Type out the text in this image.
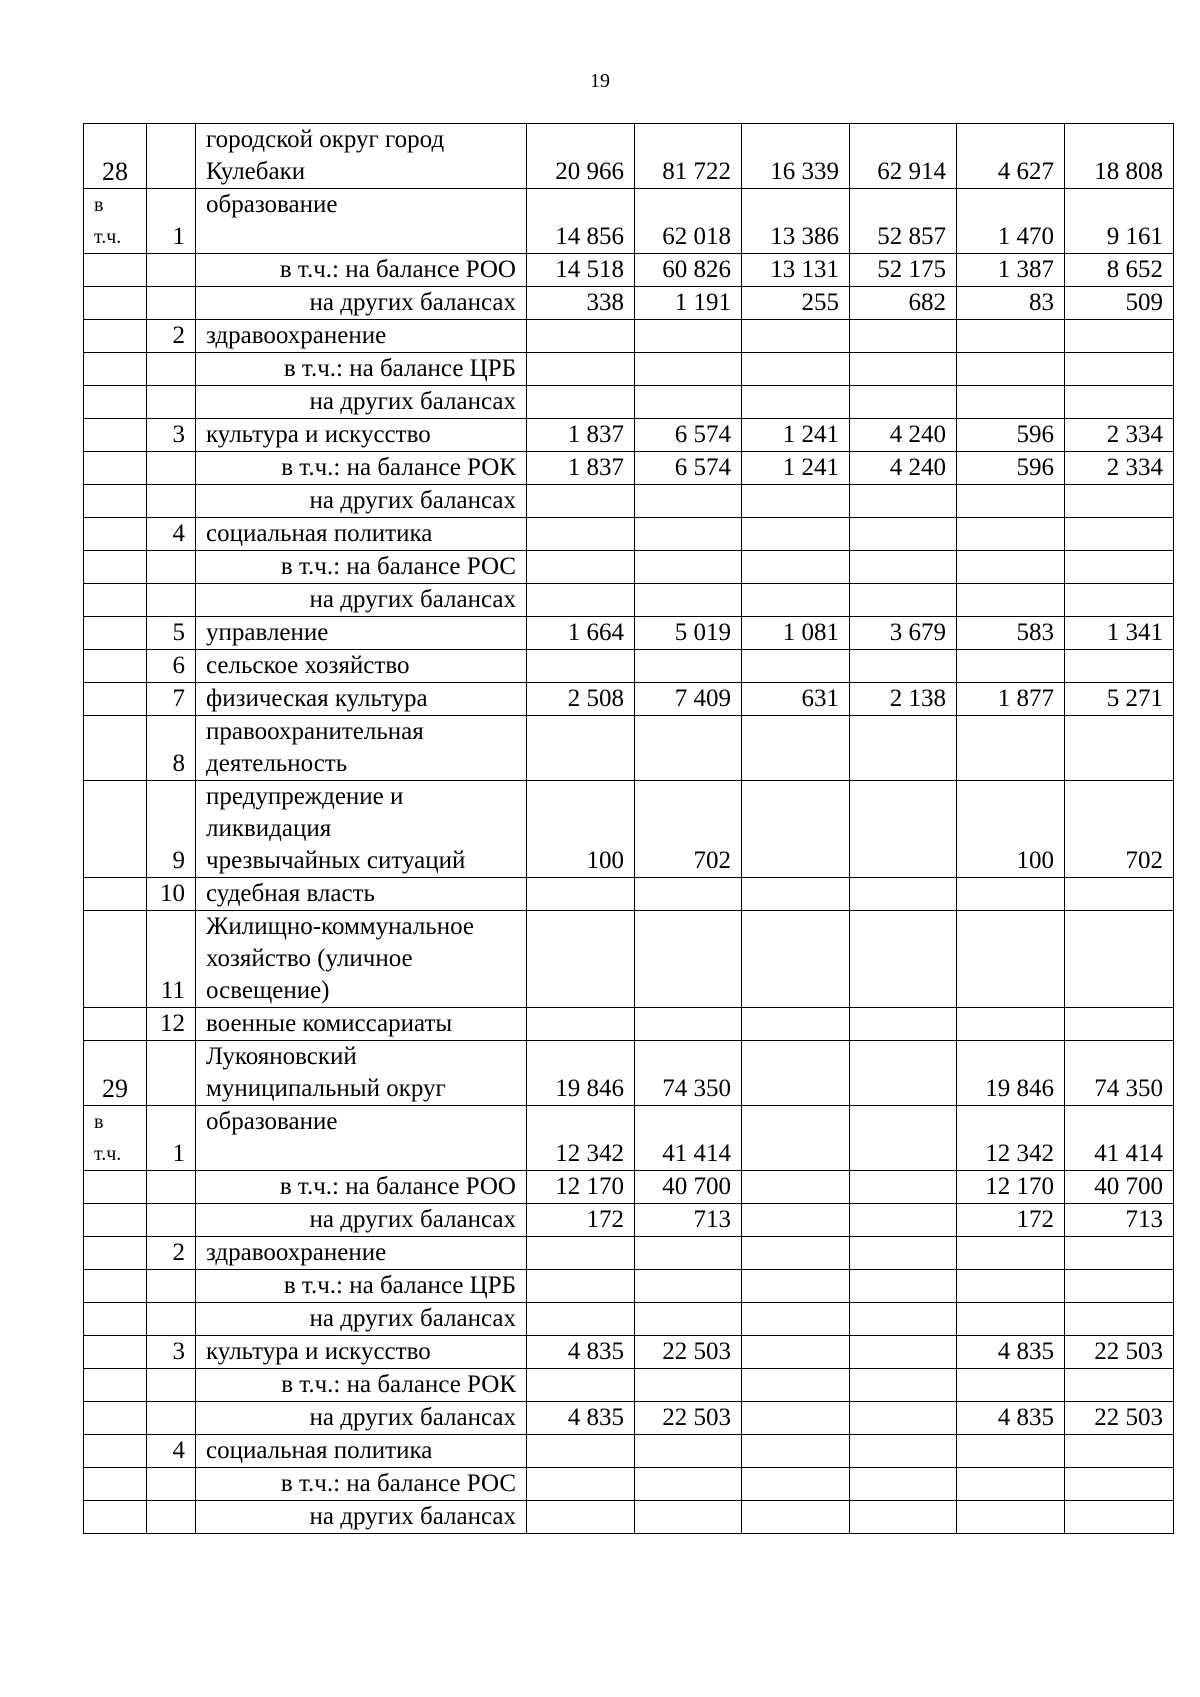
19
28		городской округ город
Кулебаки	20 966	81 722	16 339	62 914	4 627	18 808

в
т.ч.	1	образование	14 856	62 018	13 386	52 857	1 470	9 161
		в т.ч.: на балансе РОО	14 518	60 826	13 131	52 175	1 387	8 652
		на других балансах	338	1 191	255	682	83	509
	2	здравоохранение						
		в т.ч.: на балансе ЦРБ						
		на других балансах						
	3	культура и искусство	1 837	6 574	1 241	4 240	596	2 334
		в т.ч.: на балансе РОК	1 837	6 574	1 241	4 240	596	2 334
		на других балансах						
	4	социальная политика						
		в т.ч.: на балансе РОС						
		на других балансах						
	5	управление	1 664	5 019	1 081	3 679	583	1 341
	6	сельское хозяйство						
	7	физическая культура	2 508	7 409	631	2 138	1 877	5 271
	8	правоохранительная
деятельность						
	9	предупреждение и
ликвидация
чрезвычайных ситуаций	100	702			100	702
	10	судебная власть						
	11	Жилищно-коммунальное
хозяйство (уличное
освещение)						
	12	военные комиссариаты						
29		Лукояновский
муниципальный округ	19 846	74 350			19 846	74 350

в
т.ч.	1	образование	12 342	41 414			12 342	41 414
		в т.ч.: на балансе РОО	12 170	40 700			12 170	40 700
		на других балансах	172	713			172	713
	2	здравоохранение						
		в т.ч.: на балансе ЦРБ						
		на других балансах						
	3	культура и искусство	4 835	22 503			4 835	22 503
		в т.ч.: на балансе РОК						
		на других балансах	4 835	22 503			4 835	22 503
	4	социальная политика						
		в т.ч.: на балансе РОС						
		на других балансах						
